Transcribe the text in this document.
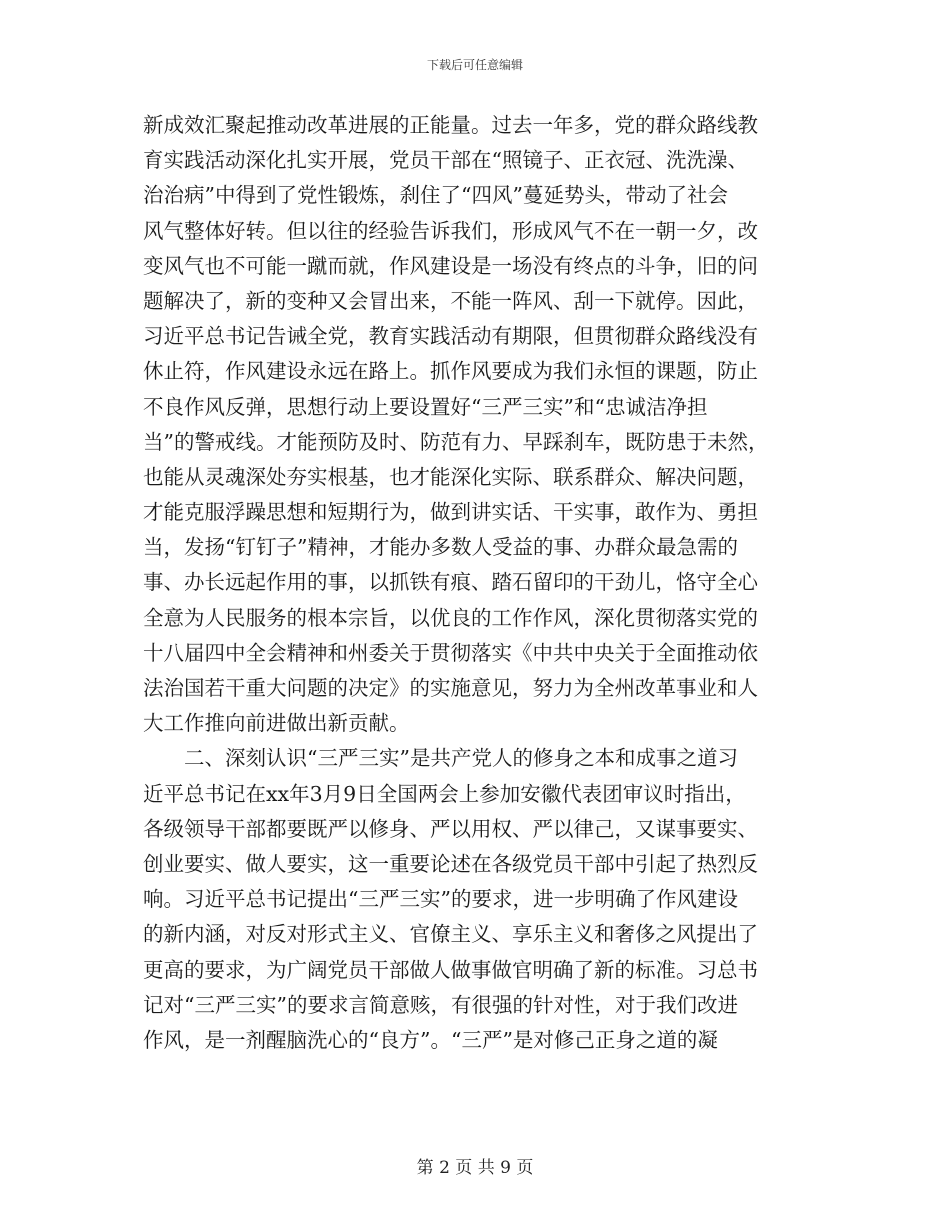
下载后可任意编辑
新成效汇聚起推动改革进展的正能量。过去一年多，党的群众路线教
育实践活动深化扎实开展，党员干部在“照镜子、正衣冠、洗洗澡、
治治病”中得到了党性锻炼，刹住了“四风”蔓延势头，带动了社会
风气整体好转。但以往的经验告诉我们，形成风气不在一朝一夕，改
变风气也不可能一蹴而就，作风建设是一场没有终点的斗争，旧的问
题解决了，新的变种又会冒出来，不能一阵风、刮一下就停。因此，
习近平总书记告诫全党，教育实践活动有期限，但贯彻群众路线没有
休止符，作风建设永远在路上。抓作风要成为我们永恒的课题，防止
不良作风反弹，思想行动上要设置好“三严三实”和“忠诚洁净担
当”的警戒线。才能预防及时、防范有力、早踩刹车，既防患于未然，
也能从灵魂深处夯实根基，也才能深化实际、联系群众、解决问题，
才能克服浮躁思想和短期行为，做到讲实话、干实事，敢作为、勇担
当，发扬“钉钉子”精神，才能办多数人受益的事、办群众最急需的
事、办长远起作用的事，以抓铁有痕、踏石留印的干劲儿，恪守全心
全意为人民服务的根本宗旨，以优良的工作作风，深化贯彻落实党的
十八届四中全会精神和州委关于贯彻落实《中共中央关于全面推动依
法治国若干重大问题的决定》的实施意见，努力为全州改革事业和人
大工作推向前进做出新贡献。
二、深刻认识“三严三实”是共产党人的修身之本和成事之道习
近平总书记在xx年3月9日全国两会上参加安徽代表团审议时指出，
各级领导干部都要既严以修身、严以用权、严以律己，又谋事要实、
创业要实、做人要实，这一重要论述在各级党员干部中引起了热烈反
响。习近平总书记提出“三严三实”的要求，进一步明确了作风建设
的新内涵，对反对形式主义、官僚主义、享乐主义和奢侈之风提出了
更高的要求，为广阔党员干部做人做事做官明确了新的标准。习总书
记对“三严三实”的要求言简意赅，有很强的针对性，对于我们改进
作风，是一剂醒脑洗心的“良方”。“三严”是对修己正身之道的凝
第 2 页 共 9 页
